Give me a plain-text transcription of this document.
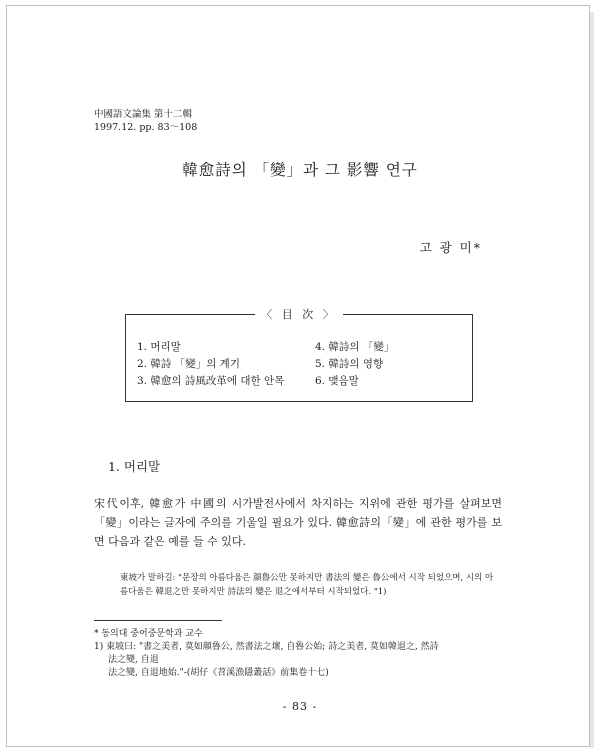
中國語文論集 第十二輯
1997.12. pp. 83～108
韓愈詩의 「變」과 그 影響 연구
고 광 미*
〈 目 次 〉
1. 머리말	4. 韓詩의 「變」
2. 韓詩 「變」의 계기	5. 韓詩의 영향
3. 韓愈의 詩風改革에 대한 안목	6. 맺음말
1. 머리말
宋代이후, 韓愈가 中國의 시가발전사에서 차지하는 지위에 관한 평가를 살펴보면 「變」이라는 글자에 주의를 기울일 필요가 있다. 韓愈詩의「變」에 관한 평가를 보면 다음과 같은 예를 들 수 있다.
東坡가 말하길: "문장의 아름다움은 顔魯公만 못하지만 書法의 變은 魯公에서 시작 되었으며, 시의 아름다움은 韓退之만 못하지만 詩法의 變은 退之에서부터 시작되었다. "1)
* 동의대 중어중문학과 교수
1) 東坡曰: "書之美者, 莫如顔魯公, 然書法之壞, 自魯公始; 詩之美者, 莫如韓退之, 然詩
法之變, 自退
法之變, 自退地始."-(胡仔《苕溪漁隱叢話》前集卷十七)
- 83 -
